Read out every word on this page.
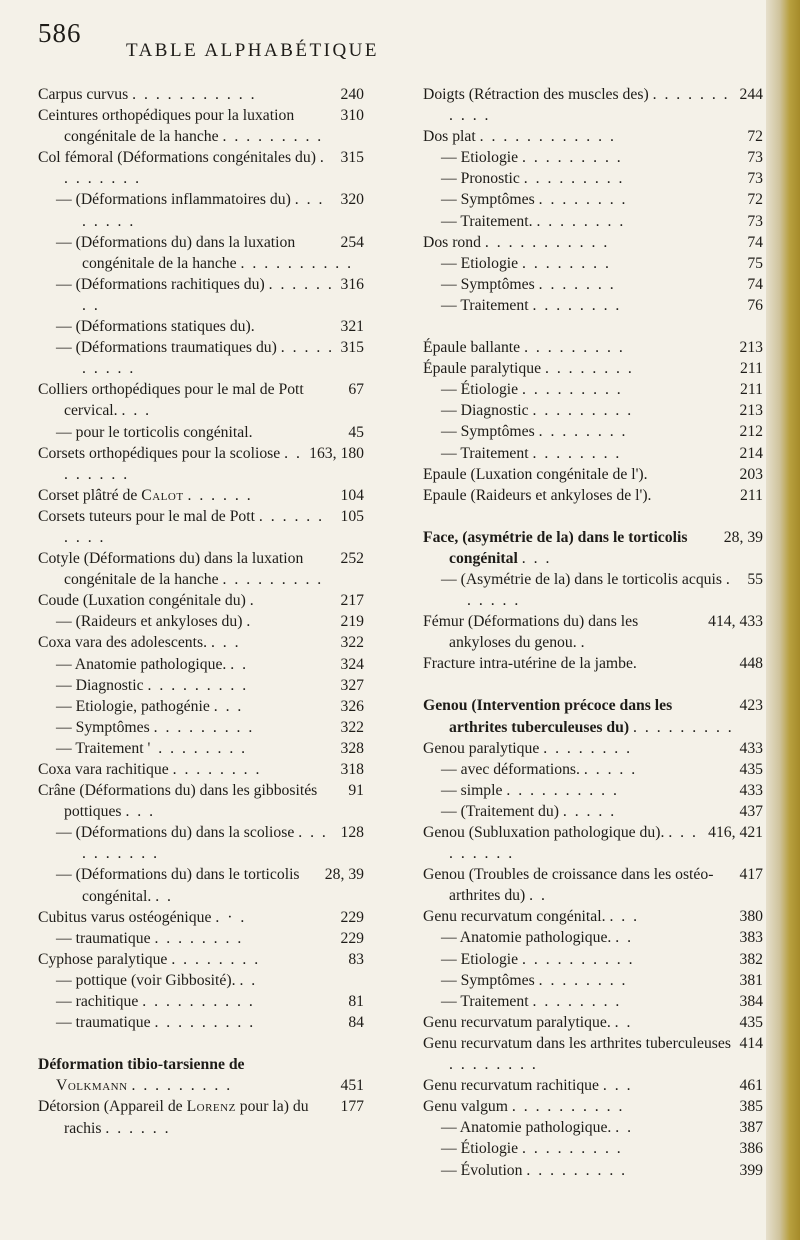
586
TABLE ALPHABÉTIQUE
240
Carpus curvus . . . . . . . . . . .
310
Ceintures orthopédiques pour la luxation congénitale de la hanche . . . . . . . . .
315
Col fémoral (Déformations congénitales du) . . . . . . . .
320
— (Déformations inflammatoires du) . . . . . . . .
254
— (Déformations du) dans la luxation congénitale de la hanche . . . . . . . . . .
316
— (Déformations rachitiques du) . . . . . . . .
321
— (Déformations statiques du).
315
— (Déformations traumatiques du) . . . . . . . . . .
67
Colliers orthopédiques pour le mal de Pott cervical. . . .
45
— pour le torticolis congénital.
163, 180
Corsets orthopédiques pour la scoliose . . . . . . . .
104
Corset plâtré de Calot . . . . . .
105
Corsets tuteurs pour le mal de Pott . . . . . . . . . .
252
Cotyle (Déformations du) dans la luxation congénitale de la hanche . . . . . . . . .
217
Coude (Luxation congénitale du) .
219
— (Raideurs et ankyloses du) .
322
Coxa vara des adolescents. . . .
324
— Anatomie pathologique. . .
327
— Diagnostic . . . . . . . . .
326
— Etiologie, pathogénie . . .
322
— Symptômes . . . . . . . . .
328
— Traitement ' . . . . . . . .
318
Coxa vara rachitique . . . . . . . .
91
Crâne (Déformations du) dans les gibbosités pottiques . . .
128
— (Déformations du) dans la scoliose . . . . . . . . . .
28, 39
— (Déformations du) dans le torticolis congénital. . .
229
Cubitus varus ostéogénique . · .
229
— traumatique . . . . . . . .
83
Cyphose paralytique . . . . . . . .
— pottique (voir Gibbosité). . .
81
— rachitique . . . . . . . . . .
84
— traumatique . . . . . . . . .
Déformation tibio-tarsienne de
451
Volkmann . . . . . . . . .
177
Détorsion (Appareil de Lorenz pour la) du rachis . . . . . .
244
Doigts (Rétraction des muscles des) . . . . . . . . . . .
72
Dos plat . . . . . . . . . . . .
73
— Etiologie . . . . . . . . .
73
— Pronostic . . . . . . . . .
72
— Symptômes . . . . . . . .
73
— Traitement. . . . . . . . .
74
Dos rond . . . . . . . . . . .
75
— Etiologie . . . . . . . .
74
— Symptômes . . . . . . .
76
— Traitement . . . . . . . .
213
Épaule ballante . . . . . . . . .
211
Épaule paralytique . . . . . . . .
211
— Étiologie . . . . . . . . .
213
— Diagnostic . . . . . . . . .
212
— Symptômes . . . . . . . .
214
— Traitement . . . . . . . .
203
Epaule (Luxation congénitale de l').
211
Epaule (Raideurs et ankyloses de l').
28, 39
Face, (asymétrie de la) dans le torticolis congénital . . .
55
— (Asymétrie de la) dans le torticolis acquis . . . . . .
414, 433
Fémur (Déformations du) dans les ankyloses du genou. .
448
Fracture intra-utérine de la jambe.
423
Genou (Intervention précoce dans les arthrites tuberculeuses du) . . . . . . . . .
433
Genou paralytique . . . . . . . .
435
— avec déformations. . . . . .
433
— simple . . . . . . . . . .
437
— (Traitement du) . . . . .
416, 421
Genou (Subluxation pathologique du). . . . . . . . . .
417
Genou (Troubles de croissance dans les ostéo-arthrites du) . .
380
Genu recurvatum congénital. . . .
383
— Anatomie pathologique. . .
382
— Etiologie . . . . . . . . . .
381
— Symptômes . . . . . . . .
384
— Traitement . . . . . . . .
435
Genu recurvatum paralytique. . .
414
Genu recurvatum dans les arthrites tuberculeuses . . . . . . . .
461
Genu recurvatum rachitique . . .
385
Genu valgum . . . . . . . . . .
387
— Anatomie pathologique. . .
386
— Étiologie . . . . . . . . .
399
— Évolution . . . . . . . . .
